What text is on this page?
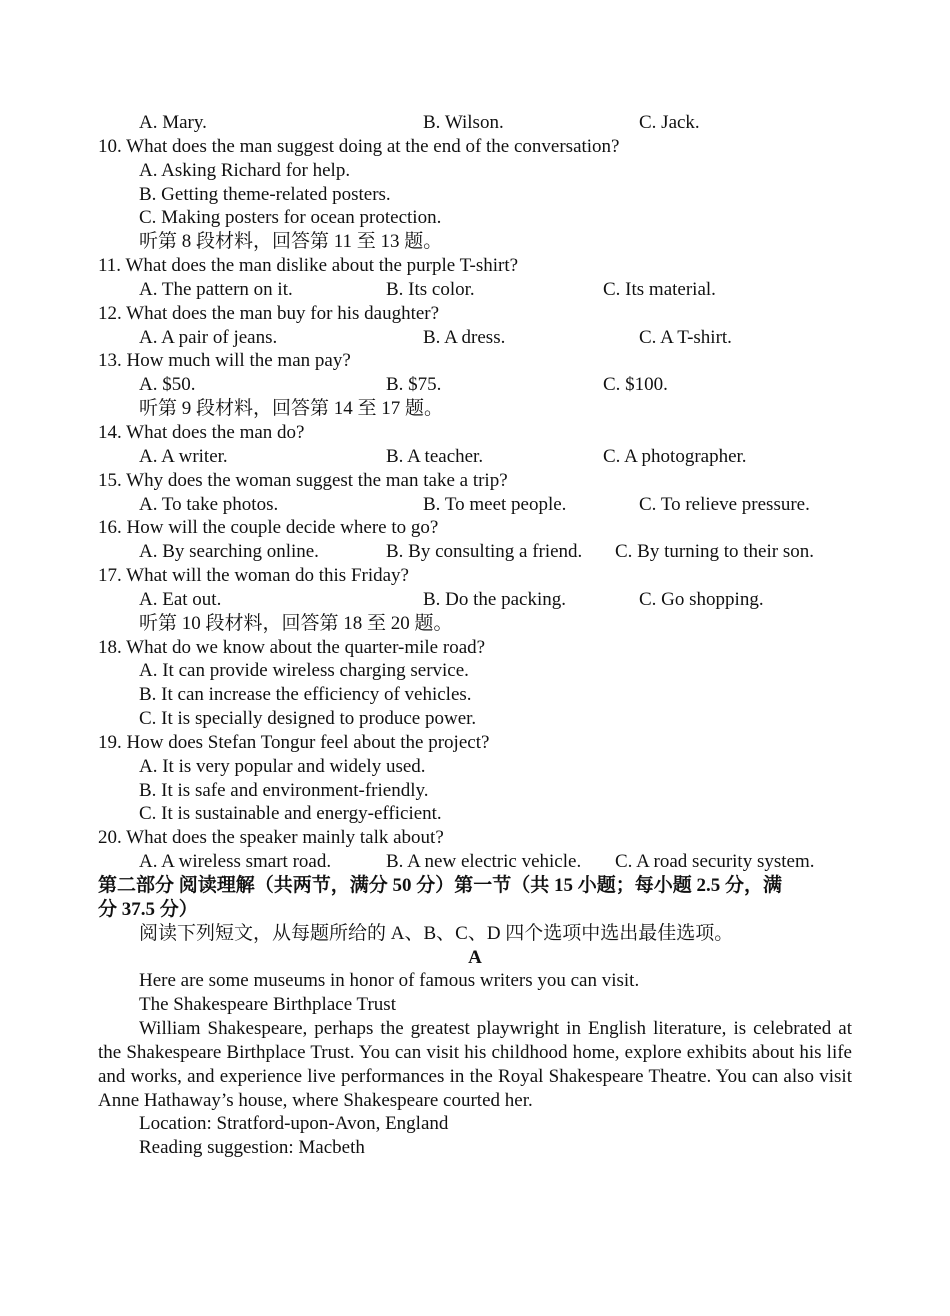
A. Mary.	B. Wilson.	C. Jack.
10. What does the man suggest doing at the end of the conversation?
A. Asking Richard for help.
B. Getting theme-related posters.
C. Making posters for ocean protection.
听第 8 段材料，回答第 11 至 13 题。
11. What does the man dislike about the purple T-shirt?
A. The pattern on it.	B. Its color.	C. Its material.
12. What does the man buy for his daughter?
A. A pair of jeans.	B. A dress.	C. A T-shirt.
13. How much will the man pay?
A. $50.	B. $75.	C. $100.
听第 9 段材料，回答第 14 至 17 题。
14. What does the man do?
A. A writer.	B. A teacher.	C. A photographer.
15. Why does the woman suggest the man take a trip?
A. To take photos.	B. To meet people.	C. To relieve pressure.
16. How will the couple decide where to go?
A. By searching online.	B. By consulting a friend. C. By turning to their son.
17. What will the woman do this Friday?
A. Eat out.	B. Do the packing.	C. Go shopping.
听第 10 段材料，回答第 18 至 20 题。
18. What do we know about the quarter-mile road?
A. It can provide wireless charging service.
B. It can increase the efficiency of vehicles.
C. It is specially designed to produce power.
19. How does Stefan Tongur feel about the project?
A. It is very popular and widely used.
B. It is safe and environment-friendly.
C. It is sustainable and energy-efficient.
20. What does the speaker mainly talk about?
A. A wireless smart road.	B. A new electric vehicle. C. A road security system.
第二部分 阅读理解（共两节，满分 50 分）第一节（共 15 小题；每小题 2.5 分，满
分 37.5 分）
阅读下列短文，从每题所给的 A、B、C、D 四个选项中选出最佳选项。
A
Here are some museums in honor of famous writers you can visit.
The Shakespeare Birthplace Trust
William Shakespeare, perhaps the greatest playwright in English literature, is celebrated at the Shakespeare Birthplace Trust. You can visit his childhood home, explore exhibits about his life and works, and experience live performances in the Royal Shakespeare Theatre. You can also visit Anne Hathaway’s house, where Shakespeare courted her.
Location: Stratford-upon-Avon, England
Reading suggestion: Macbeth
